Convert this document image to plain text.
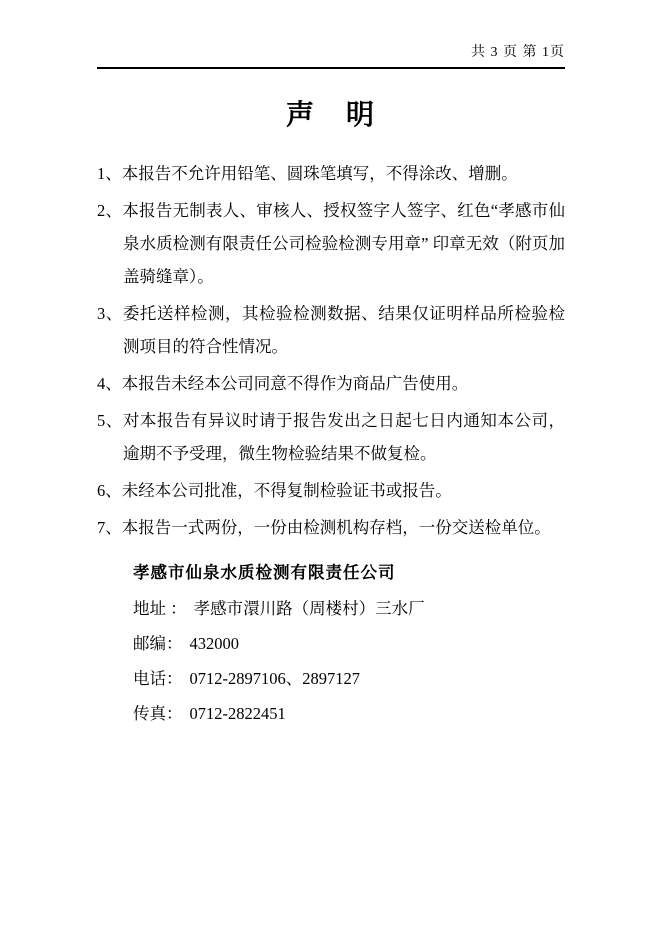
共 3 页 第 1页
声　明
1、本报告不允许用铅笔、圆珠笔填写，不得涂改、增删。
2、本报告无制表人、审核人、授权签字人签字、红色“孝感市仙泉水质检测有限责任公司检验检测专用章” 印章无效（附页加盖骑缝章）。
3、委托送样检测，其检验检测数据、结果仅证明样品所检验检测项目的符合性情况。
4、本报告未经本公司同意不得作为商品广告使用。
5、对本报告有异议时请于报告发出之日起七日内通知本公司，逾期不予受理，微生物检验结果不做复检。
6、未经本公司批准，不得复制检验证书或报告。
7、本报告一式两份，一份由检测机构存档，一份交送检单位。
孝感市仙泉水质检测有限责任公司
地址 ： 孝感市澴川路（周楼村）三水厂
邮编： 432000
电话： 0712-2897106、2897127
传真： 0712-2822451
